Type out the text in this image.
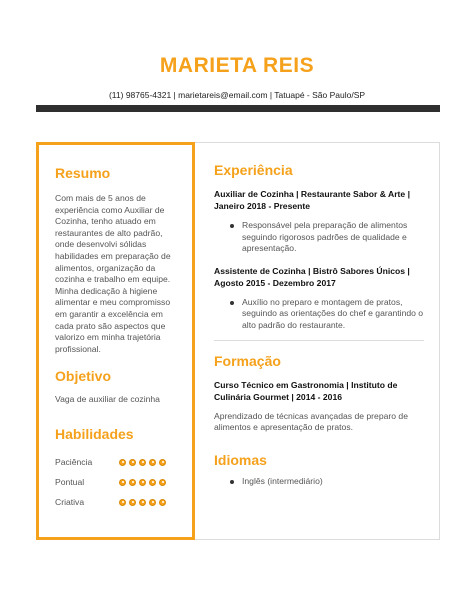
MARIETA REIS
(11) 98765-4321 | marietareis@email.com | Tatuapé - São Paulo/SP
Resumo
Com mais de 5 anos de experiência como Auxiliar de Cozinha, tenho atuado em restaurantes de alto padrão, onde desenvolvi sólidas habilidades em preparação de alimentos, organização da cozinha e trabalho em equipe. Minha dedicação à higiene alimentar e meu compromisso em garantir a excelência em cada prato são aspectos que valorizo em minha trajetória profissional.
Objetivo
Vaga de auxiliar de cozinha
Habilidades
Paciência
Pontual
Criativa
Experiência
Auxiliar de Cozinha | Restaurante Sabor & Arte | Janeiro 2018 - Presente
Responsável pela preparação de alimentos seguindo rigorosos padrões de qualidade e apresentação.
Assistente de Cozinha | Bistrô Sabores Únicos | Agosto 2015 - Dezembro 2017
Auxílio no preparo e montagem de pratos, seguindo as orientações do chef e garantindo o alto padrão do restaurante.
Formação
Curso Técnico em Gastronomia | Instituto de Culinária Gourmet | 2014 - 2016
Aprendizado de técnicas avançadas de preparo de alimentos e apresentação de pratos.
Idiomas
Inglês (intermediário)
